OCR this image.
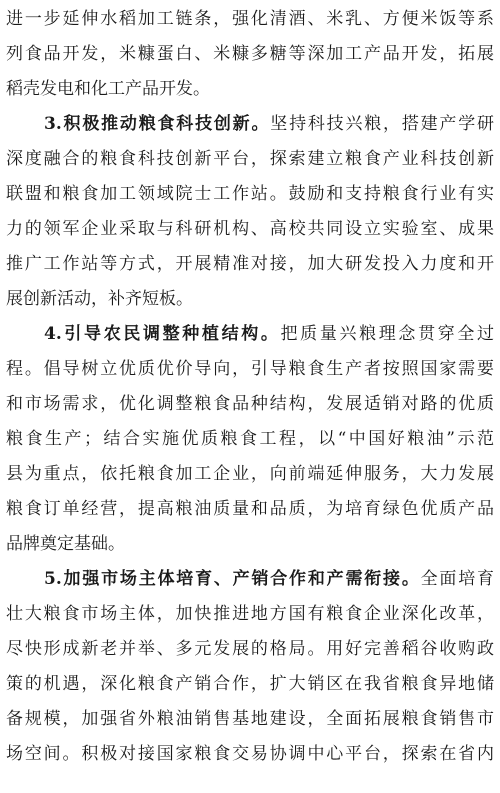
进一步延伸水稻加工链条，强化清酒、米乳、方便米饭等系
列食品开发，米糠蛋白、米糠多糖等深加工产品开发，拓展
稻壳发电和化工产品开发。
3.积极推动粮食科技创新。坚持科技兴粮，搭建产学研
深度融合的粮食科技创新平台，探索建立粮食产业科技创新
联盟和粮食加工领域院士工作站。鼓励和支持粮食行业有实
力的领军企业采取与科研机构、高校共同设立实验室、成果
推广工作站等方式，开展精准对接，加大研发投入力度和开
展创新活动，补齐短板。
4.引导农民调整种植结构。把质量兴粮理念贯穿全过
程。倡导树立优质优价导向，引导粮食生产者按照国家需要
和市场需求，优化调整粮食品种结构，发展适销对路的优质
粮食生产；结合实施优质粮食工程，以“中国好粮油”示范
县为重点，依托粮食加工企业，向前端延伸服务，大力发展
粮食订单经营，提高粮油质量和品质，为培育绿色优质产品
品牌奠定基础。
5.加强市场主体培育、产销合作和产需衔接。全面培育
壮大粮食市场主体，加快推进地方国有粮食企业深化改革，
尽快形成新老并举、多元发展的格局。用好完善稻谷收购政
策的机遇，深化粮食产销合作，扩大销区在我省粮食异地储
备规模，加强省外粮油销售基地建设，全面拓展粮食销售市
场空间。积极对接国家粮食交易协调中心平台，探索在省内
